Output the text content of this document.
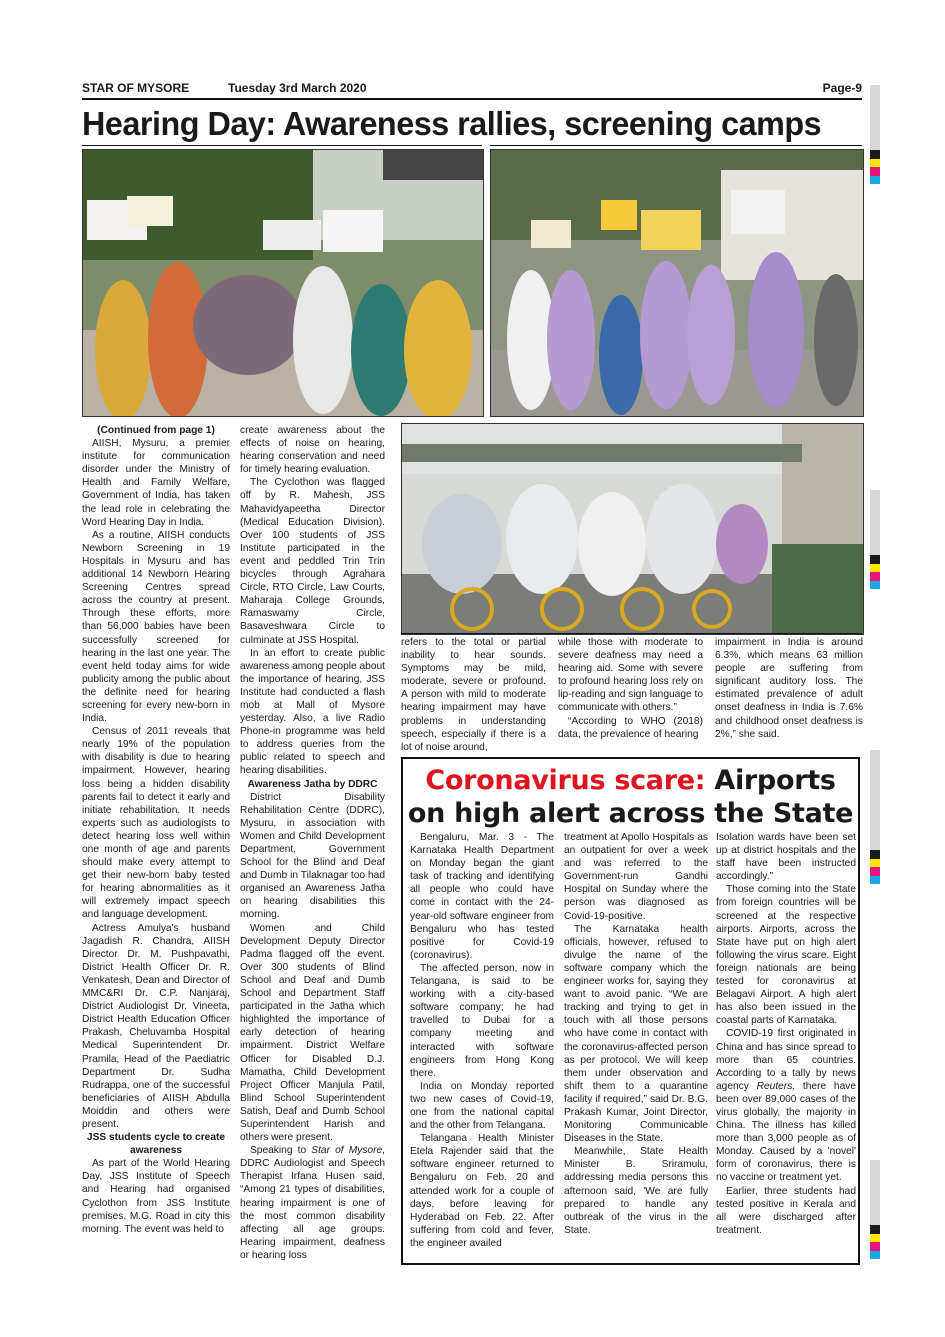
STAR OF MYSORE	Tuesday 3rd March 2020	Page-9
Hearing Day: Awareness rallies, screening camps

(Continued from page 1)

AIISH, Mysuru, a premier institute for communication disorder under the Ministry of Health and Family Welfare, Government of India, has taken the lead role in celebrating the Word Hearing Day in India.

As a routine, AIISH conducts Newborn Screening in 19 Hospitals in Mysuru and has additional 14 Newborn Hearing Screening Centres spread across the country at present. Through these efforts, more than 56,000 babies have been successfully screened for hearing in the last one year. The event held today aims for wide publicity among the public about the definite need for hearing screening for every new-born in India.

Census of 2011 reveals that nearly 19% of the population with disability is due to hearing impairment. However, hearing loss being a hidden disability parents fail to detect it early and initiate rehabilitation. It needs experts such as audiologists to detect hearing loss well within one month of age and parents should make every attempt to get their new-born baby tested for hearing abnormalities as it will extremely impact speech and language development.

Actress Amulya's husband Jagadish R. Chandra, AIISH Director Dr. M. Pushpavathi, District Health Officer Dr. R. Venkatesh, Dean and Director of MMC&RI Dr. C.P. Nanjaraj, District Audiologist Dr. Vineeta, District Health Education Officer Prakash, Cheluvamba Hospital Medical Superintendent Dr. Pramila, Head of the Paediatric Department Dr. Sudha Rudrappa, one of the successful beneficiaries of AIISH Abdulla Moiddin and others were present.

JSS students cycle to create awareness

As part of the World Hearing Day, JSS Institute of Speech and Hearing had organised Cyclothon from JSS Institute premises, M.G. Road in city this morning. The event was held to

create awareness about the effects of noise on hearing, hearing conservation and need for timely hearing evaluation.

The Cyclothon was flagged off by R. Mahesh, JSS Mahavidyapeetha Director (Medical Education Division). Over 100 students of JSS Institute participated in the event and peddled Trin Trin bicycles through Agrahara Circle, RTO Circle, Law Courts, Maharaja College Grounds, Ramaswamy Circle, Basaveshwara Circle to culminate at JSS Hospital.

In an effort to create public awareness among people about the importance of hearing, JSS Institute had conducted a flash mob at Mall of Mysore yesterday. Also, a live Radio Phone-in programme was held to address queries from the public related to speech and hearing disabilities.

Awareness Jatha by DDRC

District Disability Rehabilitation Centre (DDRC), Mysuru, in association with Women and Child Development Department, Government School for the Blind and Deaf and Dumb in Tilaknagar too had organised an Awareness Jatha on hearing disabilities this morning.

Women and Child Development Deputy Director Padma flagged off the event. Over 300 students of Blind School and Deaf and Dumb School and Department Staff participated in the Jatha which highlighted the importance of early detection of hearing impairment. District Welfare Officer for Disabled D.J. Mamatha, Child Development Project Officer Manjula Patil, Blind School Superintendent Satish, Deaf and Dumb School Superintendent Harish and others were present.

Speaking to Star of Mysore, DDRC Audiologist and Speech Therapist Irfana Husen said, “Among 21 types of disabilities, hearing impairment is one of the most common disability affecting all age groups. Hearing impairment, deafness or hearing loss

refers to the total or partial inability to hear sounds. Symptoms may be mild, moderate, severe or profound. A person with mild to moderate hearing impairment may have problems in understanding speech, especially if there is a lot of noise around,

while those with moderate to severe deafness may need a hearing aid. Some with severe to profound hearing loss rely on lip-reading and sign language to communicate with others.”

“According to WHO (2018) data, the prevalence of hearing

impairment in India is around 6.3%, which means 63 million people are suffering from significant auditory loss. The estimated prevalence of adult onset deafness in India is 7.6% and childhood onset deafness is 2%,” she said.

Coronavirus scare: Airports
on high alert across the State

Bengaluru, Mar. 3 - The Karnataka Health Department on Monday began the giant task of tracking and identifying all people who could have come in contact with the 24-year-old software engineer from Bengaluru who has tested positive for Covid-19 (coronavirus).

The affected person, now in Telangana, is said to be working with a city-based software company; he had travelled to Dubai for a company meeting and interacted with software engineers from Hong Kong there.

India on Monday reported two new cases of Covid-19, one from the national capital and the other from Telangana.

Telangana Health Minister Etela Rajender said that the software engineer returned to Bengaluru on Feb. 20 and attended work for a couple of days, before leaving for Hyderabad on Feb. 22. After suffering from cold and fever, the engineer availed

treatment at Apollo Hospitals as an outpatient for over a week and was referred to the Government-run Gandhi Hospital on Sunday where the person was diagnosed as Covid-19-positive.

The Karnataka health officials, however, refused to divulge the name of the software company which the engineer works for, saying they want to avoid panic. “We are tracking and trying to get in touch with all those persons who have come in contact with the coronavirus-affected person as per protocol. We will keep them under observation and shift them to a quarantine facility if required,” said Dr. B.G. Prakash Kumar, Joint Director, Monitoring Communicable Diseases in the State.

Meanwhile, State Health Minister B. Sriramulu, addressing media persons this afternoon said, 'We are fully prepared to handle any outbreak of the virus in the State.

Isolation wards have been set up at district hospitals and the staff have been instructed accordingly.”

Those coming into the State from foreign countries will be screened at the respective airports. Airports, across the State have put on high alert following the virus scare. Eight foreign nationals are being tested for coronavirus at Belagavi Airport. A high alert has also been issued in the coastal parts of Karnataka.

COVID-19 first originated in China and has since spread to more than 65 countries. According to a tally by news agency Reuters, there have been over 89,000 cases of the virus globally, the majority in China. The illness has killed more than 3,000 people as of Monday. Caused by a 'novel' form of coronavirus, there is no vaccine or treatment yet.

Earlier, three students had tested positive in Kerala and all were discharged after treatment.
